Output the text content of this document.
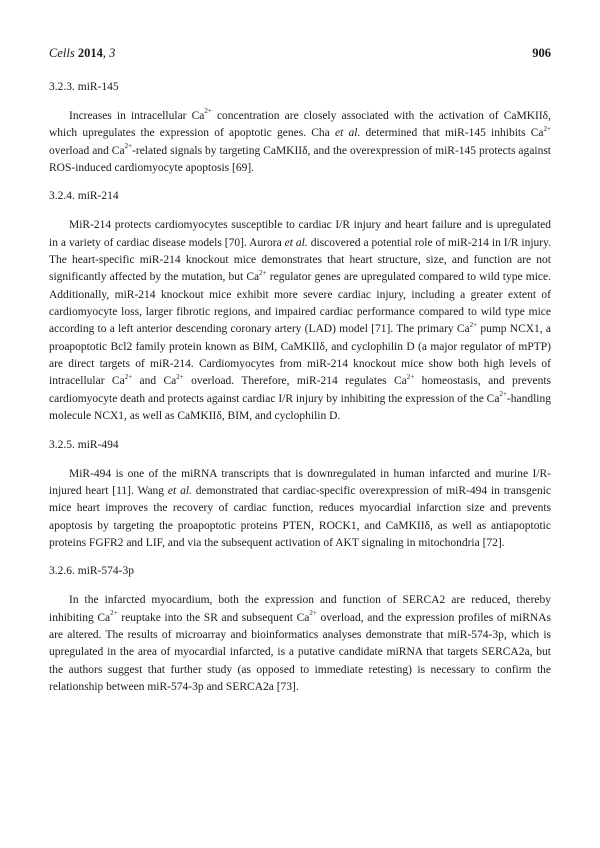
Cells 2014, 3	906

3.2.3. miR-145

Increases in intracellular $Ca^{2+}$ concentration are closely associated with the activation of CaMKIIδ, which upregulates the expression of apoptotic genes. Cha et al. determined that miR-145 inhibits $Ca^{2+}$ overload and $Ca^{2+}$-related signals by targeting CaMKIIδ, and the overexpression of miR-145 protects against ROS-induced cardiomyocyte apoptosis [69].

3.2.4. miR-214

MiR-214 protects cardiomyocytes susceptible to cardiac I/R injury and heart failure and is upregulated in a variety of cardiac disease models [70]. Aurora et al. discovered a potential role of miR-214 in I/R injury. The heart-specific miR-214 knockout mice demonstrates that heart structure, size, and function are not significantly affected by the mutation, but $Ca^{2+}$ regulator genes are upregulated compared to wild type mice. Additionally, miR-214 knockout mice exhibit more severe cardiac injury, including a greater extent of cardiomyocyte loss, larger fibrotic regions, and impaired cardiac performance compared to wild type mice according to a left anterior descending coronary artery (LAD) model [71]. The primary $Ca^{2+}$ pump NCX1, a proapoptotic Bcl2 family protein known as BIM, CaMKIIδ, and cyclophilin D (a major regulator of mPTP) are direct targets of miR-214. Cardiomyocytes from miR-214 knockout mice show both high levels of intracellular $Ca^{2+}$ and $Ca^{2+}$ overload. Therefore, miR-214 regulates $Ca^{2+}$ homeostasis, and prevents cardiomyocyte death and protects against cardiac I/R injury by inhibiting the expression of the $Ca^{2+}$-handling molecule NCX1, as well as CaMKIIδ, BIM, and cyclophilin D.

3.2.5. miR-494

MiR-494 is one of the miRNA transcripts that is downregulated in human infarcted and murine I/R-injured heart [11]. Wang et al. demonstrated that cardiac-specific overexpression of miR-494 in transgenic mice heart improves the recovery of cardiac function, reduces myocardial infarction size and prevents apoptosis by targeting the proapoptotic proteins PTEN, ROCK1, and CaMKIIδ, as well as antiapoptotic proteins FGFR2 and LIF, and via the subsequent activation of AKT signaling in mitochondria [72].

3.2.6. miR-574-3p

In the infarcted myocardium, both the expression and function of SERCA2 are reduced, thereby inhibiting $Ca^{2+}$ reuptake into the SR and subsequent $Ca^{2+}$ overload, and the expression profiles of miRNAs are altered. The results of microarray and bioinformatics analyses demonstrate that miR-574-3p, which is upregulated in the area of myocardial infarcted, is a putative candidate miRNA that targets SERCA2a, but the authors suggest that further study (as opposed to immediate retesting) is necessary to confirm the relationship between miR-574-3p and SERCA2a [73].
